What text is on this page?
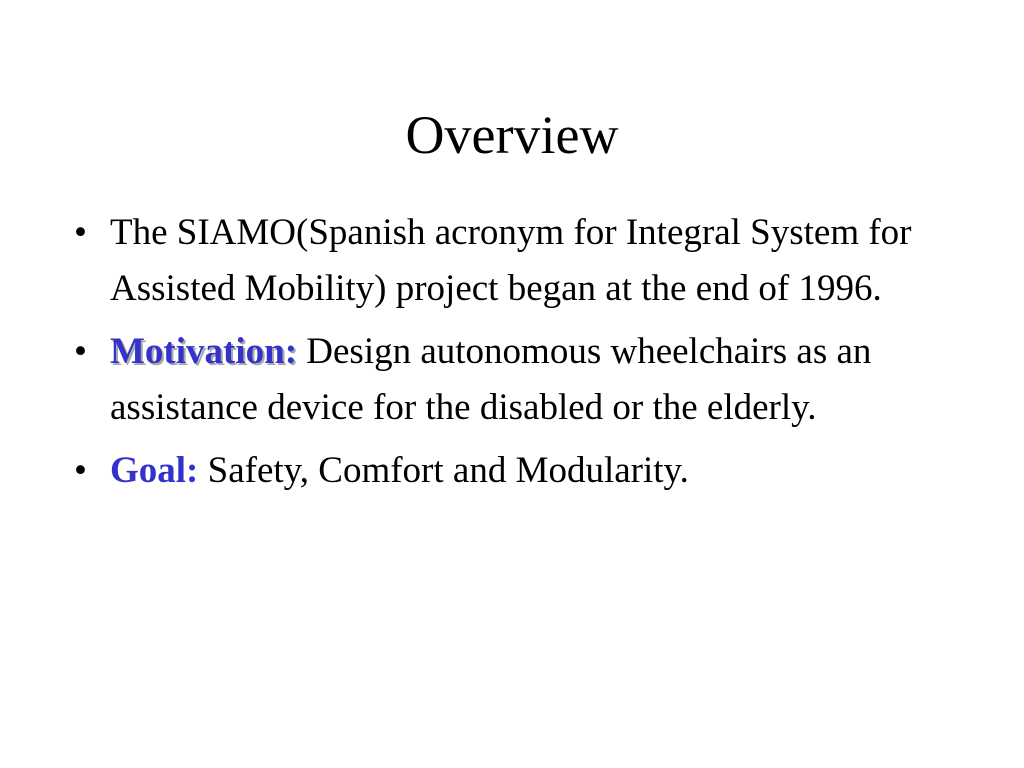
Overview
• The SIAMO(Spanish acronym for Integral System for Assisted Mobility) project began at the end of 1996.
• Motivation: Design autonomous wheelchairs as an assistance device for the disabled or the elderly.
• Goal: Safety, Comfort and Modularity.
